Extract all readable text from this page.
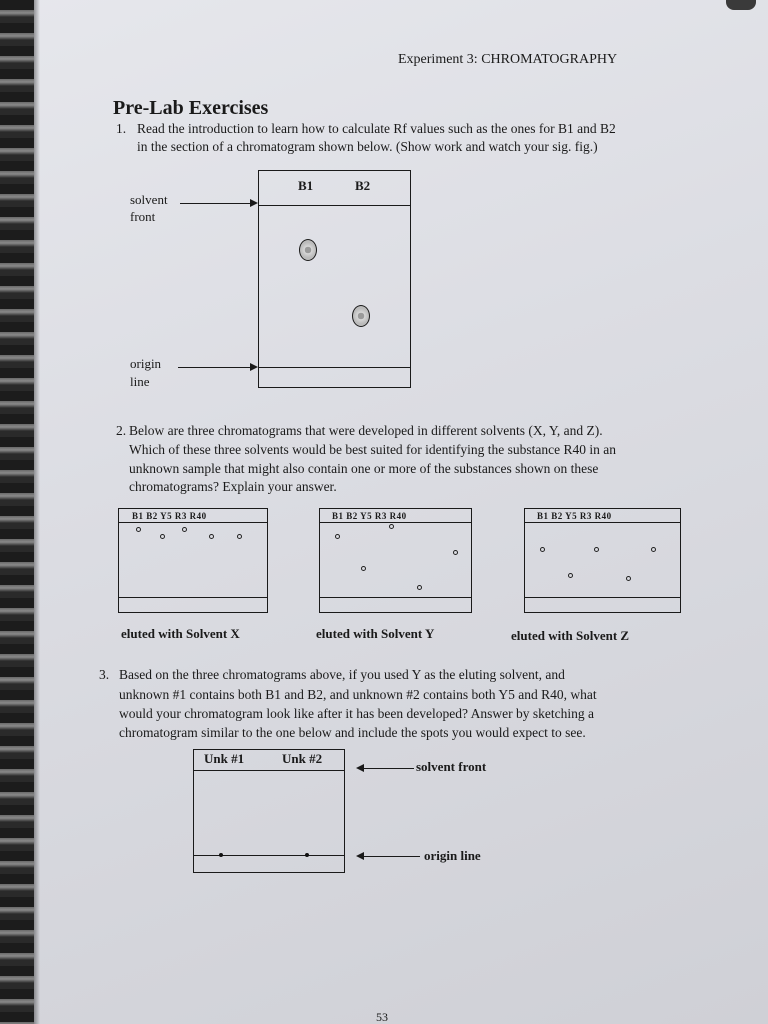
Experiment 3: CHROMATOGRAPHY
Pre-Lab Exercises
1. Read the introduction to learn how to calculate Rf values such as the ones for B1 and B2
in the section of a chromatogram shown below. (Show work and watch your sig. fig.)
B1	B2
solvent
front
origin
line
2. Below are three chromatograms that were developed in different solvents (X, Y, and Z).
Which of these three solvents would be best suited for identifying the substance R40 in an
unknown sample that might also contain one or more of the substances shown on these
chromatograms? Explain your answer.
B1 B2 Y5 R3 R40
eluted with Solvent X
B1 B2 Y5 R3 R40
eluted with Solvent Y
B1 B2 Y5 R3 R40
eluted with Solvent Z
3. Based on the three chromatograms above, if you used Y as the eluting solvent, and
unknown #1 contains both B1 and B2, and unknown #2 contains both Y5 and R40, what
would your chromatogram look like after it has been developed? Answer by sketching a
chromatogram similar to the one below and include the spots you would expect to see.
Unk #1	Unk #2
solvent front
origin line
53
